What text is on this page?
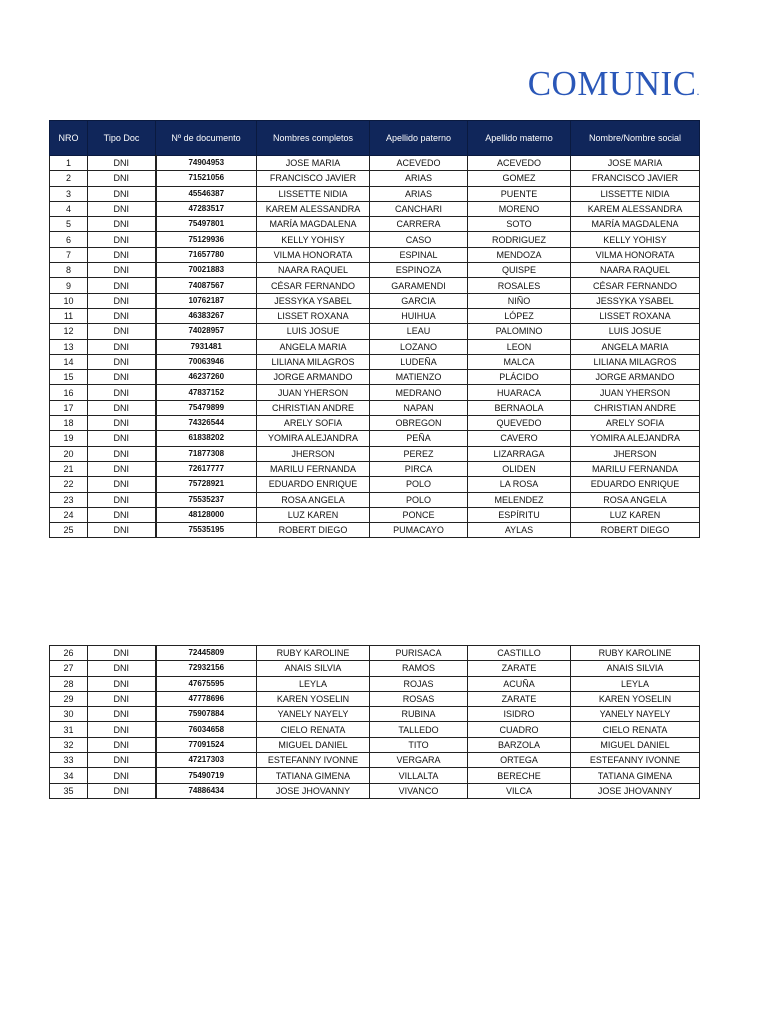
COMUNIC.
NRO	Tipo Doc	Nº de documento	Nombres completos	Apellido paterno	Apellido materno	Nombre/Nombre social
1	DNI	74904953	JOSE MARIA	ACEVEDO	ACEVEDO	JOSE MARIA
2	DNI	71521056	FRANCISCO JAVIER	ARIAS	GOMEZ	FRANCISCO JAVIER
3	DNI	45546387	LISSETTE NIDIA	ARIAS	PUENTE	LISSETTE NIDIA
4	DNI	47283517	KAREM ALESSANDRA	CANCHARI	MORENO	KAREM ALESSANDRA
5	DNI	75497801	MARÍA MAGDALENA	CARRERA	SOTO	MARÍA MAGDALENA
6	DNI	75129936	KELLY YOHISY	CASO	RODRIGUEZ	KELLY YOHISY
7	DNI	71657780	VILMA HONORATA	ESPINAL	MENDOZA	VILMA HONORATA
8	DNI	70021883	NAARA RAQUEL	ESPINOZA	QUISPE	NAARA RAQUEL
9	DNI	74087567	CÉSAR FERNANDO	GARAMENDI	ROSALES	CÉSAR FERNANDO
10	DNI	10762187	JESSYKA YSABEL	GARCIA	NIÑO	JESSYKA YSABEL
11	DNI	46383267	LISSET ROXANA	HUIHUA	LÓPEZ	LISSET ROXANA
12	DNI	74028957	LUIS JOSUE	LEAU	PALOMINO	LUIS JOSUE
13	DNI	7931481	ANGELA MARIA	LOZANO	LEON	ANGELA MARIA
14	DNI	70063946	LILIANA MILAGROS	LUDEÑA	MALCA	LILIANA MILAGROS
15	DNI	46237260	JORGE ARMANDO	MATIENZO	PLÁCIDO	JORGE ARMANDO
16	DNI	47837152	JUAN YHERSON	MEDRANO	HUARACA	JUAN YHERSON
17	DNI	75479899	CHRISTIAN ANDRE	NAPAN	BERNAOLA	CHRISTIAN ANDRE
18	DNI	74326544	ARELY SOFIA	OBREGON	QUEVEDO	ARELY SOFIA
19	DNI	61838202	YOMIRA ALEJANDRA	PEÑA	CAVERO	YOMIRA ALEJANDRA
20	DNI	71877308	JHERSON	PEREZ	LIZARRAGA	JHERSON
21	DNI	72617777	MARILU FERNANDA	PIRCA	OLIDEN	MARILU FERNANDA
22	DNI	75728921	EDUARDO ENRIQUE	POLO	LA ROSA	EDUARDO ENRIQUE
23	DNI	75535237	ROSA ANGELA	POLO	MELENDEZ	ROSA ANGELA
24	DNI	48128000	LUZ KAREN	PONCE	ESPÍRITU	LUZ KAREN
25	DNI	75535195	ROBERT DIEGO	PUMACAYO	AYLAS	ROBERT DIEGO
26	DNI	72445809	RUBY KAROLINE	PURISACA	CASTILLO	RUBY KAROLINE
27	DNI	72932156	ANAIS SILVIA	RAMOS	ZARATE	ANAIS SILVIA
28	DNI	47675595	LEYLA	ROJAS	ACUÑA	LEYLA
29	DNI	47778696	KAREN YOSELIN	ROSAS	ZARATE	KAREN YOSELIN
30	DNI	75907884	YANELY NAYELY	RUBINA	ISIDRO	YANELY NAYELY
31	DNI	76034658	CIELO RENATA	TALLEDO	CUADRO	CIELO RENATA
32	DNI	77091524	MIGUEL DANIEL	TITO	BARZOLA	MIGUEL DANIEL
33	DNI	47217303	ESTEFANNY IVONNE	VERGARA	ORTEGA	ESTEFANNY IVONNE
34	DNI	75490719	TATIANA GIMENA	VILLALTA	BERECHE	TATIANA GIMENA
35	DNI	74886434	JOSE JHOVANNY	VIVANCO	VILCA	JOSE JHOVANNY
